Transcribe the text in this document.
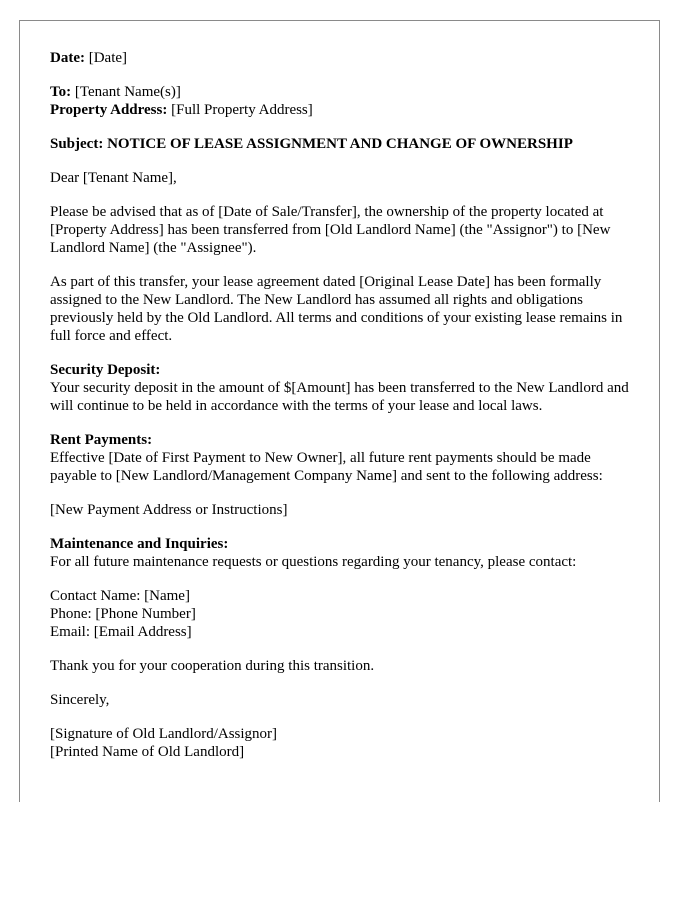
Date: [Date]
To: [Tenant Name(s)]
Property Address: [Full Property Address]
Subject: NOTICE OF LEASE ASSIGNMENT AND CHANGE OF OWNERSHIP
Dear [Tenant Name],
Please be advised that as of [Date of Sale/Transfer], the ownership of the property located at [Property Address] has been transferred from [Old Landlord Name] (the "Assignor") to [New Landlord Name] (the "Assignee").
As part of this transfer, your lease agreement dated [Original Lease Date] has been formally assigned to the New Landlord. The New Landlord has assumed all rights and obligations previously held by the Old Landlord. All terms and conditions of your existing lease remains in full force and effect.
Security Deposit:
Your security deposit in the amount of $[Amount] has been transferred to the New Landlord and will continue to be held in accordance with the terms of your lease and local laws.
Rent Payments:
Effective [Date of First Payment to New Owner], all future rent payments should be made payable to [New Landlord/Management Company Name] and sent to the following address:
[New Payment Address or Instructions]
Maintenance and Inquiries:
For all future maintenance requests or questions regarding your tenancy, please contact:
Contact Name: [Name]
Phone: [Phone Number]
Email: [Email Address]
Thank you for your cooperation during this transition.
Sincerely,
[Signature of Old Landlord/Assignor]
[Printed Name of Old Landlord]
